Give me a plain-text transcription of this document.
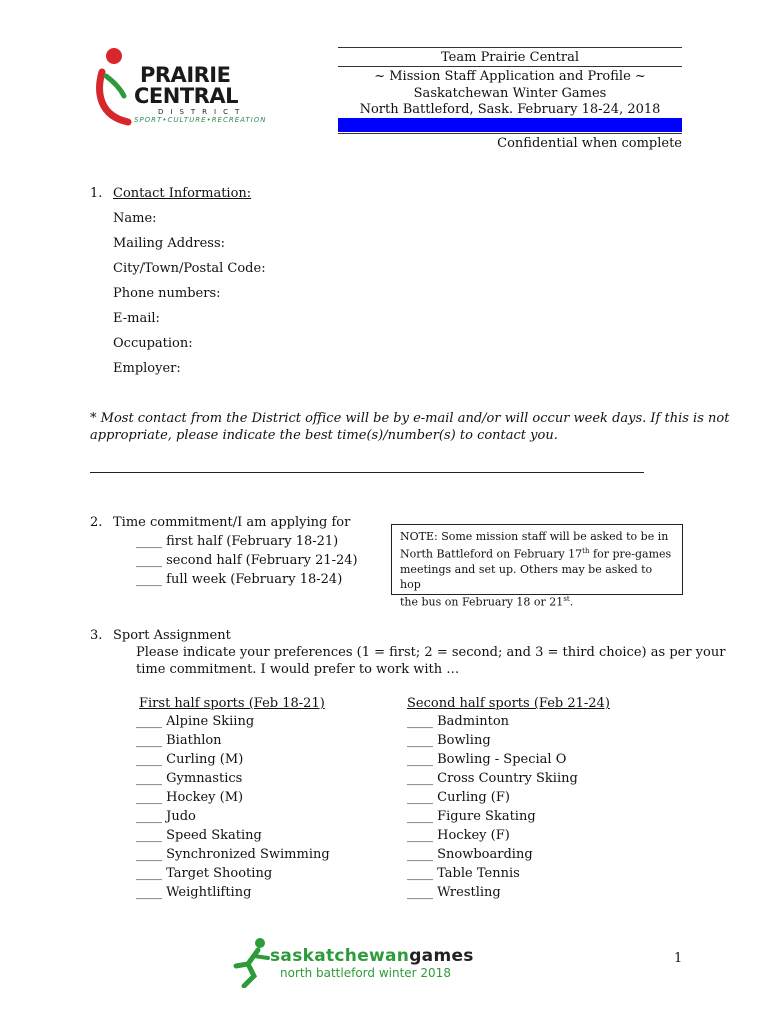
PRAIRIE
CENTRAL
DISTRICT
SPORT•CULTURE•RECREATION
Team Prairie Central
~ Mission Staff Application and Profile ~
Saskatchewan Winter Games
North Battleford, Sask. February 18-24, 2018
Confidential when complete
1. Contact Information:
Name:
Mailing Address:
City/Town/Postal Code:
Phone numbers:
E-mail:
Occupation:
Employer:
* Most contact from the District office will be by e-mail and/or will occur week days. If this is not
appropriate, please indicate the best time(s)/number(s) to contact you.
2. Time commitment/I am applying for
____ first half (February 18-21)
____ second half (February 21-24)
____ full week (February 18-24)
NOTE: Some mission staff will be asked to be in
North Battleford on February 17th for pre-games
meetings and set up. Others may be asked to hop
the bus on February 18 or 21st.
3. Sport Assignment
Please indicate your preferences (1 = first; 2 = second; and 3 = third choice) as per your
time commitment. I would prefer to work with …
First half sports (Feb 18-21)
____ Alpine Skiing
____ Biathlon
____ Curling (M)
____ Gymnastics
____ Hockey (M)
____ Judo
____ Speed Skating
____ Synchronized Swimming
____ Target Shooting
____ Weightlifting
Second half sports (Feb 21-24)
____ Badminton
____ Bowling
____ Bowling - Special O
____ Cross Country Skiing
____ Curling (F)
____ Figure Skating
____ Hockey (F)
____ Snowboarding
____ Table Tennis
____ Wrestling
saskatchewangames
north battleford winter 2018
1
